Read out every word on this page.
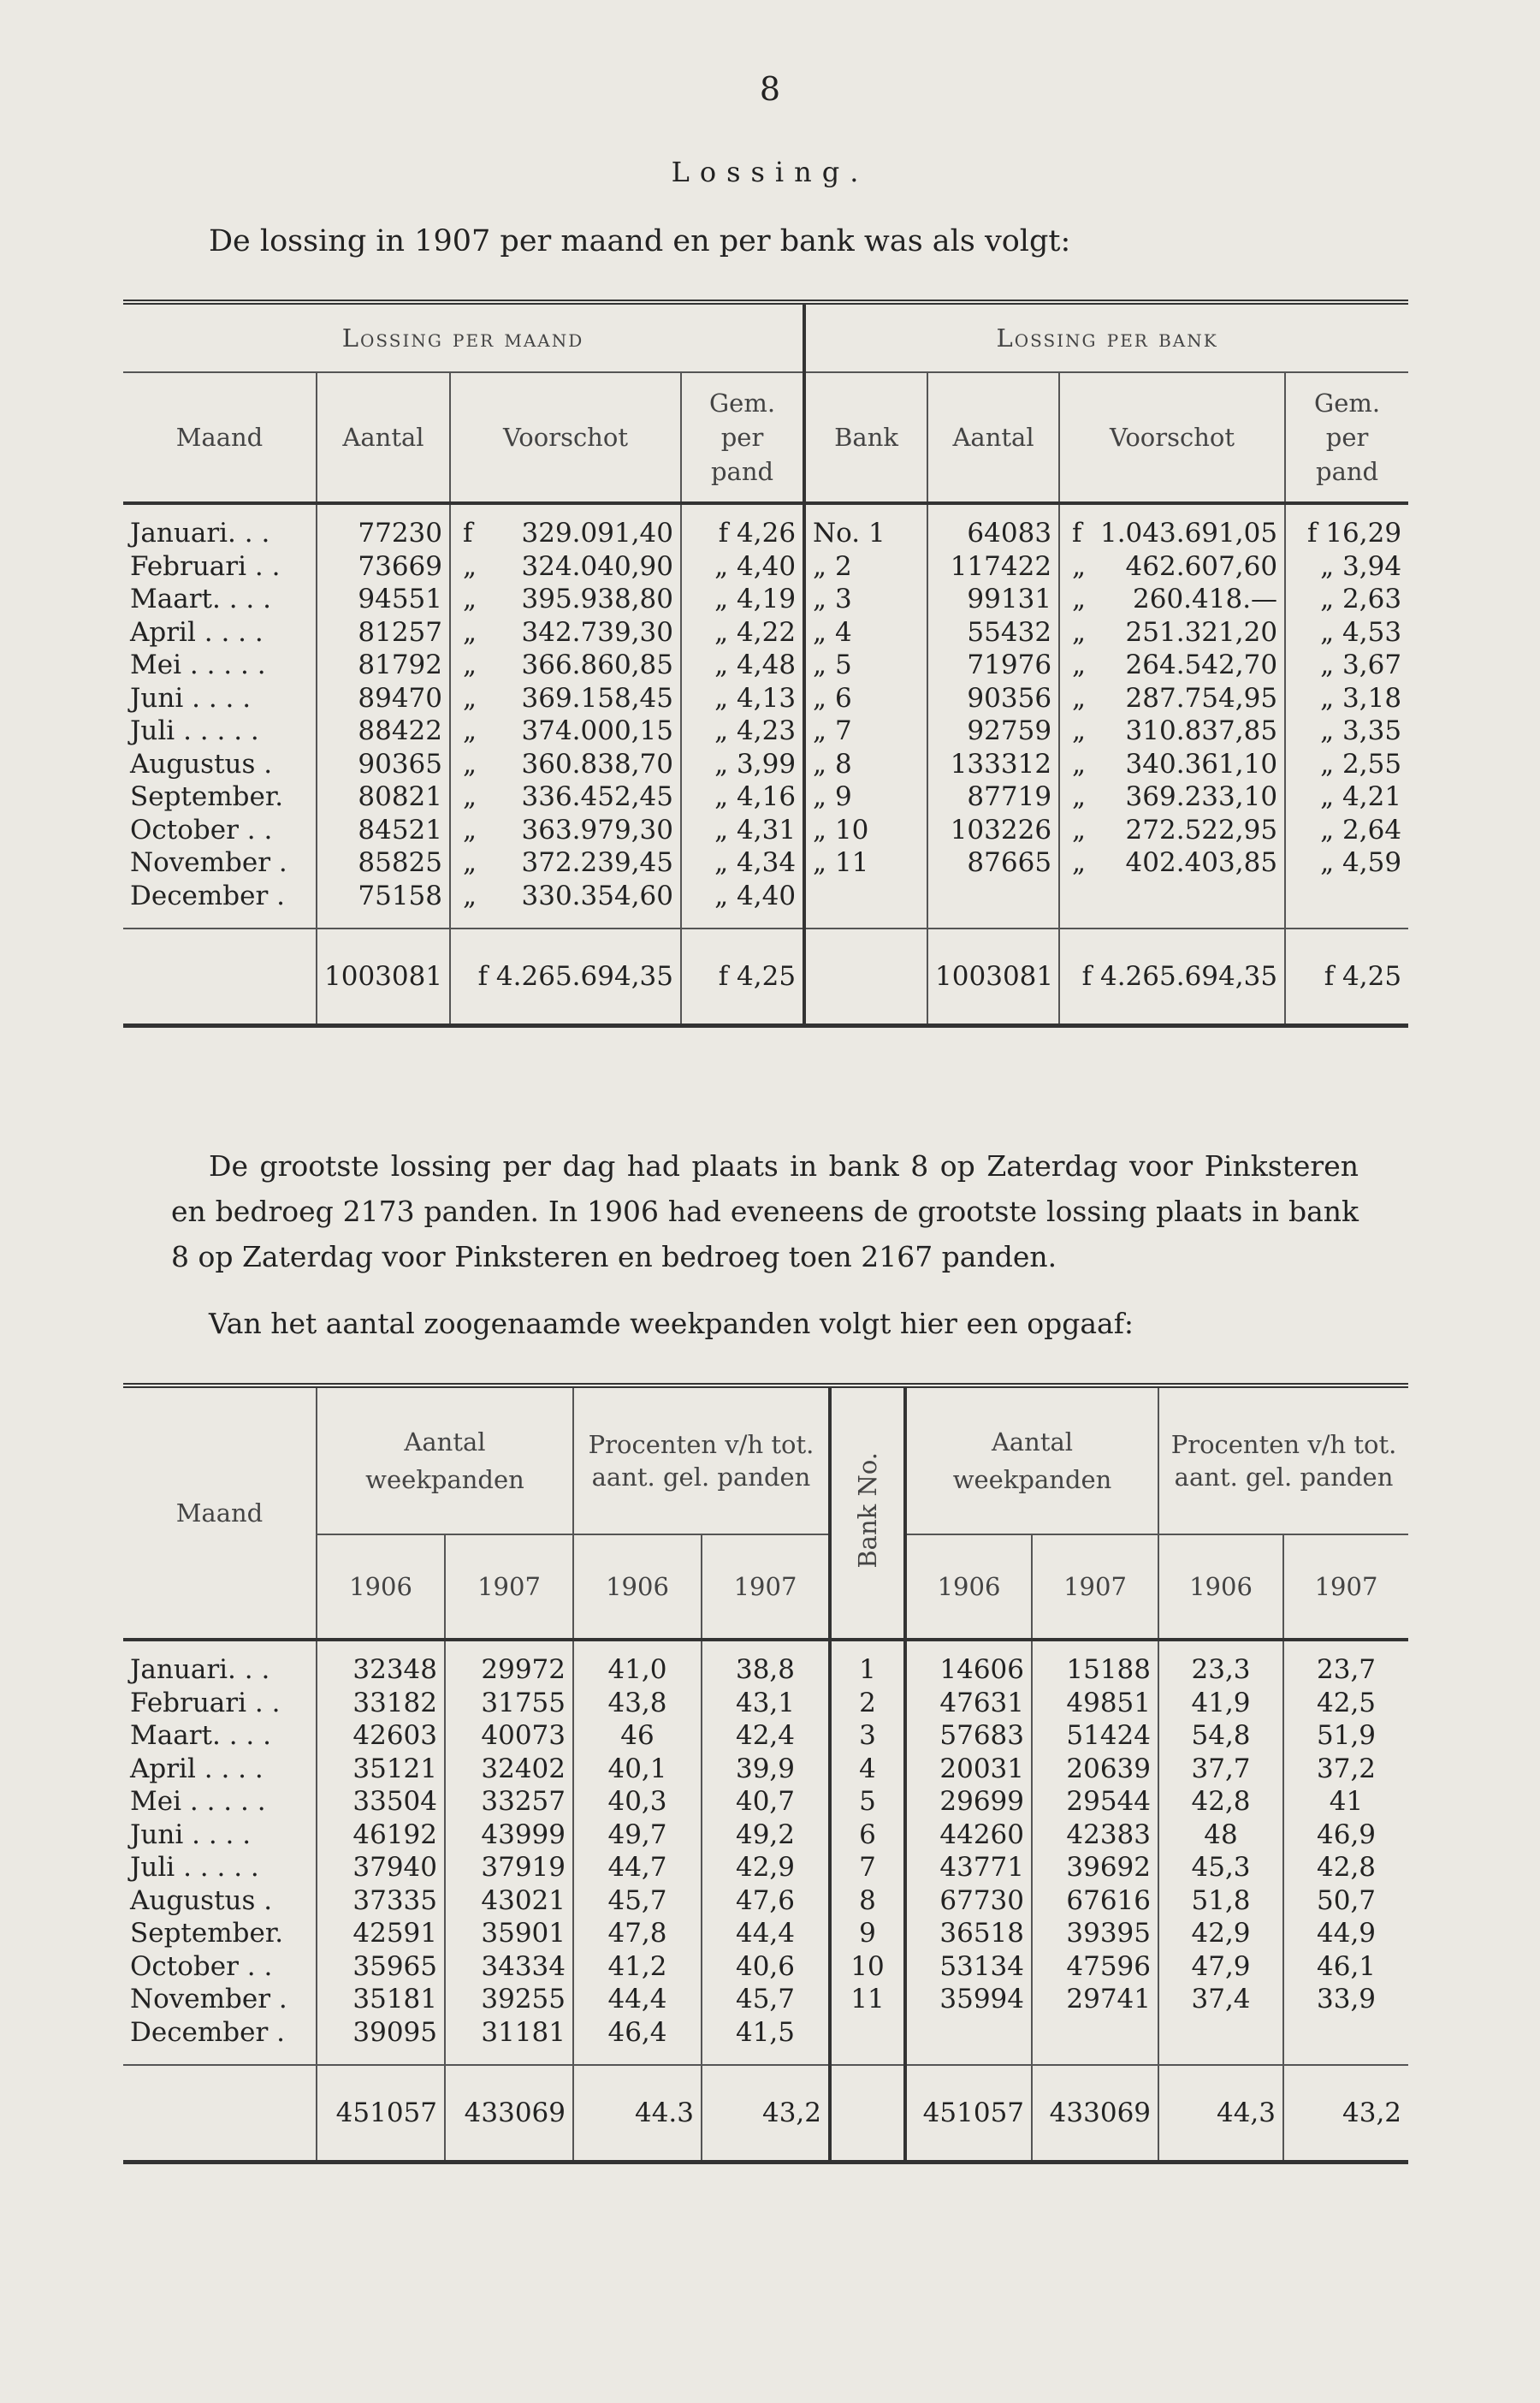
8
Lossing.
De lossing in 1907 per maand en per bank was als volgt:
Lossing per maand				Lossing per bank			
Maand	Aantal	Voorschot	Gem. per pand	Bank	Aantal	Voorschot	Gem. per pand
Januari. . .	77230	f 329.091,40	f 4,26	No. 1	64083	f 1.043.691,05	f 16,29
Februari . .	73669	„ 324.040,90	„ 4,40	„ 2	117422	„ 462.607,60	„ 3,94
Maart. . . .	94551	„ 395.938,80	„ 4,19	„ 3	99131	„ 260.418.—	„ 2,63
April . . . .	81257	„ 342.739,30	„ 4,22	„ 4	55432	„ 251.321,20	„ 4,53
Mei . . . . .	81792	„ 366.860,85	„ 4,48	„ 5	71976	„ 264.542,70	„ 3,67
Juni . . . .	89470	„ 369.158,45	„ 4,13	„ 6	90356	„ 287.754,95	„ 3,18
Juli . . . . .	88422	„ 374.000,15	„ 4,23	„ 7	92759	„ 310.837,85	„ 3,35
Augustus .	90365	„ 360.838,70	„ 3,99	„ 8	133312	„ 340.361,10	„ 2,55
September.	80821	„ 336.452,45	„ 4,16	„ 9	87719	„ 369.233,10	„ 4,21
October . .	84521	„ 363.979,30	„ 4,31	„ 10	103226	„ 272.522,95	„ 2,64
November .	85825	„ 372.239,45	„ 4,34	„ 11	87665	„ 402.403,85	„ 4,59
December .	75158	„ 330.354,60	„ 4,40			

	1003081	f 4.265.694,35	f 4,25		1003081	f 4.265.694,35	f 4,25
De grootste lossing per dag had plaats in bank 8 op Zaterdag voor Pinksteren en bedroeg 2173 panden. In 1906 had eveneens de grootste lossing plaats in bank 8 op Zaterdag voor Pinksteren en bedroeg toen 2167 panden.
Van het aantal zoogenaamde weekpanden volgt hier een opgaaf:
Maand	Aantal weekpanden		Procenten v/h tot. aant. gel. panden		Bank No.	Aantal weekpanden		Procenten v/h tot. aant. gel. panden	
	1906	1907	1906	1907		1906	1907	1906	1907
Januari. . .	32348	29972	41,0	38,8	1	14606	15188	23,3	23,7
Februari . .	33182	31755	43,8	43,1	2	47631	49851	41,9	42,5
Maart. . . .	42603	40073	46	42,4	3	57683	51424	54,8	51,9
April . . . .	35121	32402	40,1	39,9	4	20031	20639	37,7	37,2
Mei . . . . .	33504	33257	40,3	40,7	5	29699	29544	42,8	41
Juni . . . .	46192	43999	49,7	49,2	6	44260	42383	48	46,9
Juli . . . . .	37940	37919	44,7	42,9	7	43771	39692	45,3	42,8
Augustus .	37335	43021	45,7	47,6	8	67730	67616	51,8	50,7
September.	42591	35901	47,8	44,4	9	36518	39395	42,9	44,9
October . .	35965	34334	41,2	40,6	10	53134	47596	47,9	46,1
November .	35181	39255	44,4	45,7	11	35994	29741	37,4	33,9
December .	39095	31181	46,4	41,5					

	451057	433069	44.3	43,2		451057	433069	44,3	43,2
